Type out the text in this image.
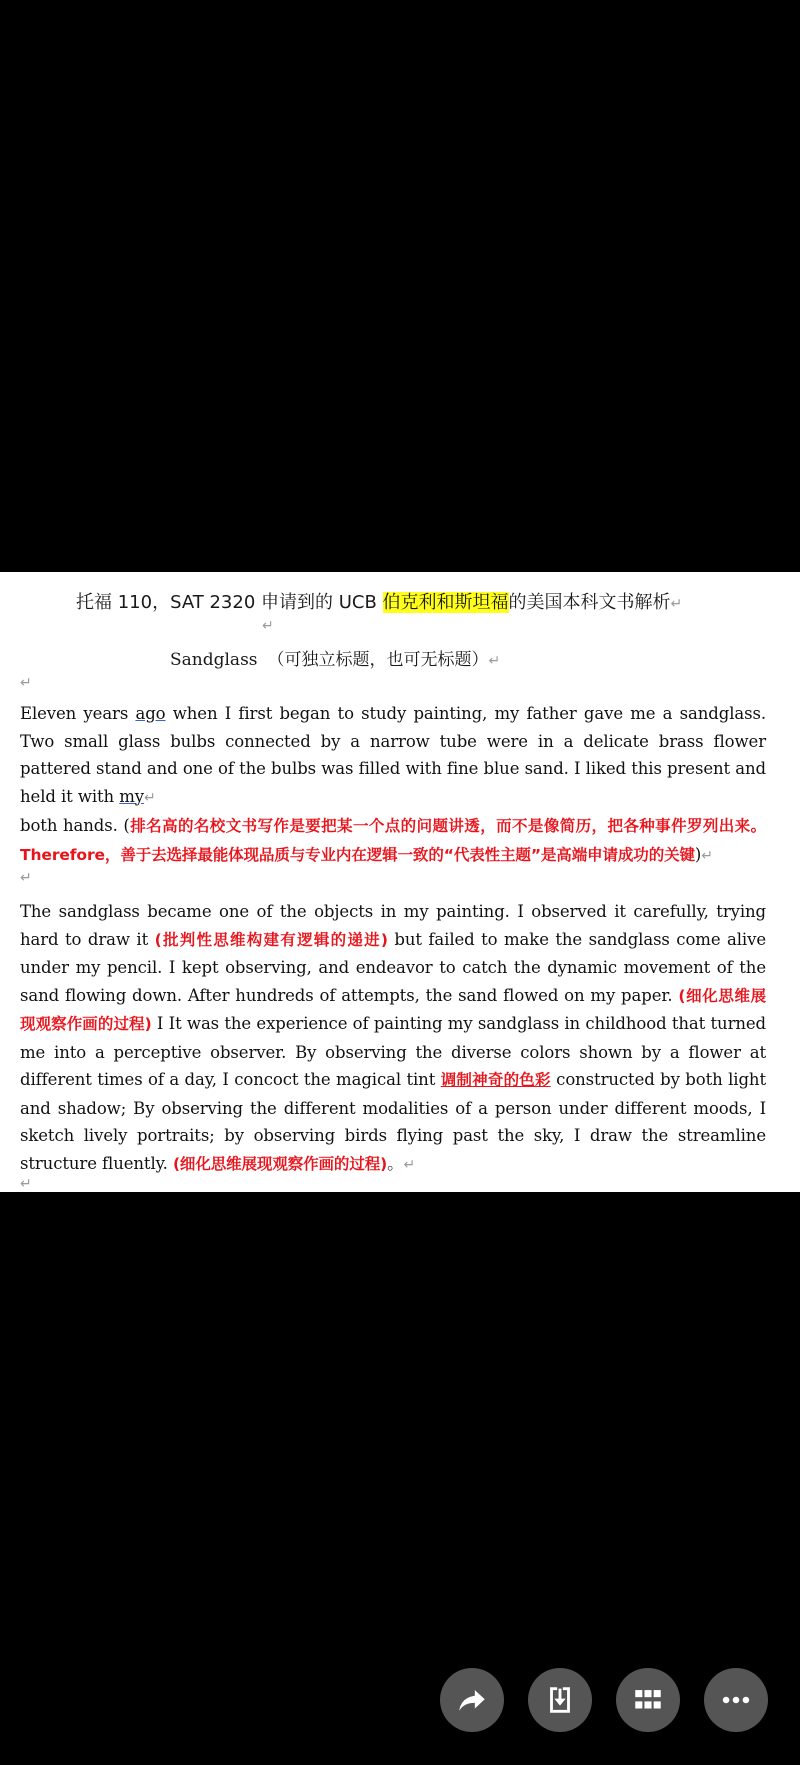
托福 110，SAT 2320 申请到的 UCB 伯克利和斯坦福的美国本科文书解析↵
↵
Sandglass （可独立标题，也可无标题）↵
↵
Eleven years ago when I first began to study painting, my father gave me a sandglass. Two small glass bulbs connected by a narrow tube were in a delicate brass flower pattered stand and one of the bulbs was filled with fine blue sand. I liked this present and held it with my↵
both hands. (排名高的名校文书写作是要把某一个点的问题讲透，而不是像简历，把各种事件罗列出来。Therefore，善于去选择最能体现品质与专业内在逻辑一致的“代表性主题”是高端申请成功的关键)↵
↵
The sandglass became one of the objects in my painting. I observed it carefully, trying hard to draw it (批判性思维构建有逻辑的递进) but failed to make the sandglass come alive under my pencil. I kept observing, and endeavor to catch the dynamic movement of the sand flowing down. After hundreds of attempts, the sand flowed on my paper. (细化思维展现观察作画的过程) I It was the experience of painting my sandglass in childhood that turned me into a perceptive observer. By observing the diverse colors shown by a flower at different times of a day, I concoct the magical tint 调制神奇的色彩 constructed by both light and shadow; By observing the different modalities of a person under different moods, I sketch lively portraits; by observing birds flying past the sky, I draw the streamline structure fluently. (细化思维展现观察作画的过程)。↵
↵
